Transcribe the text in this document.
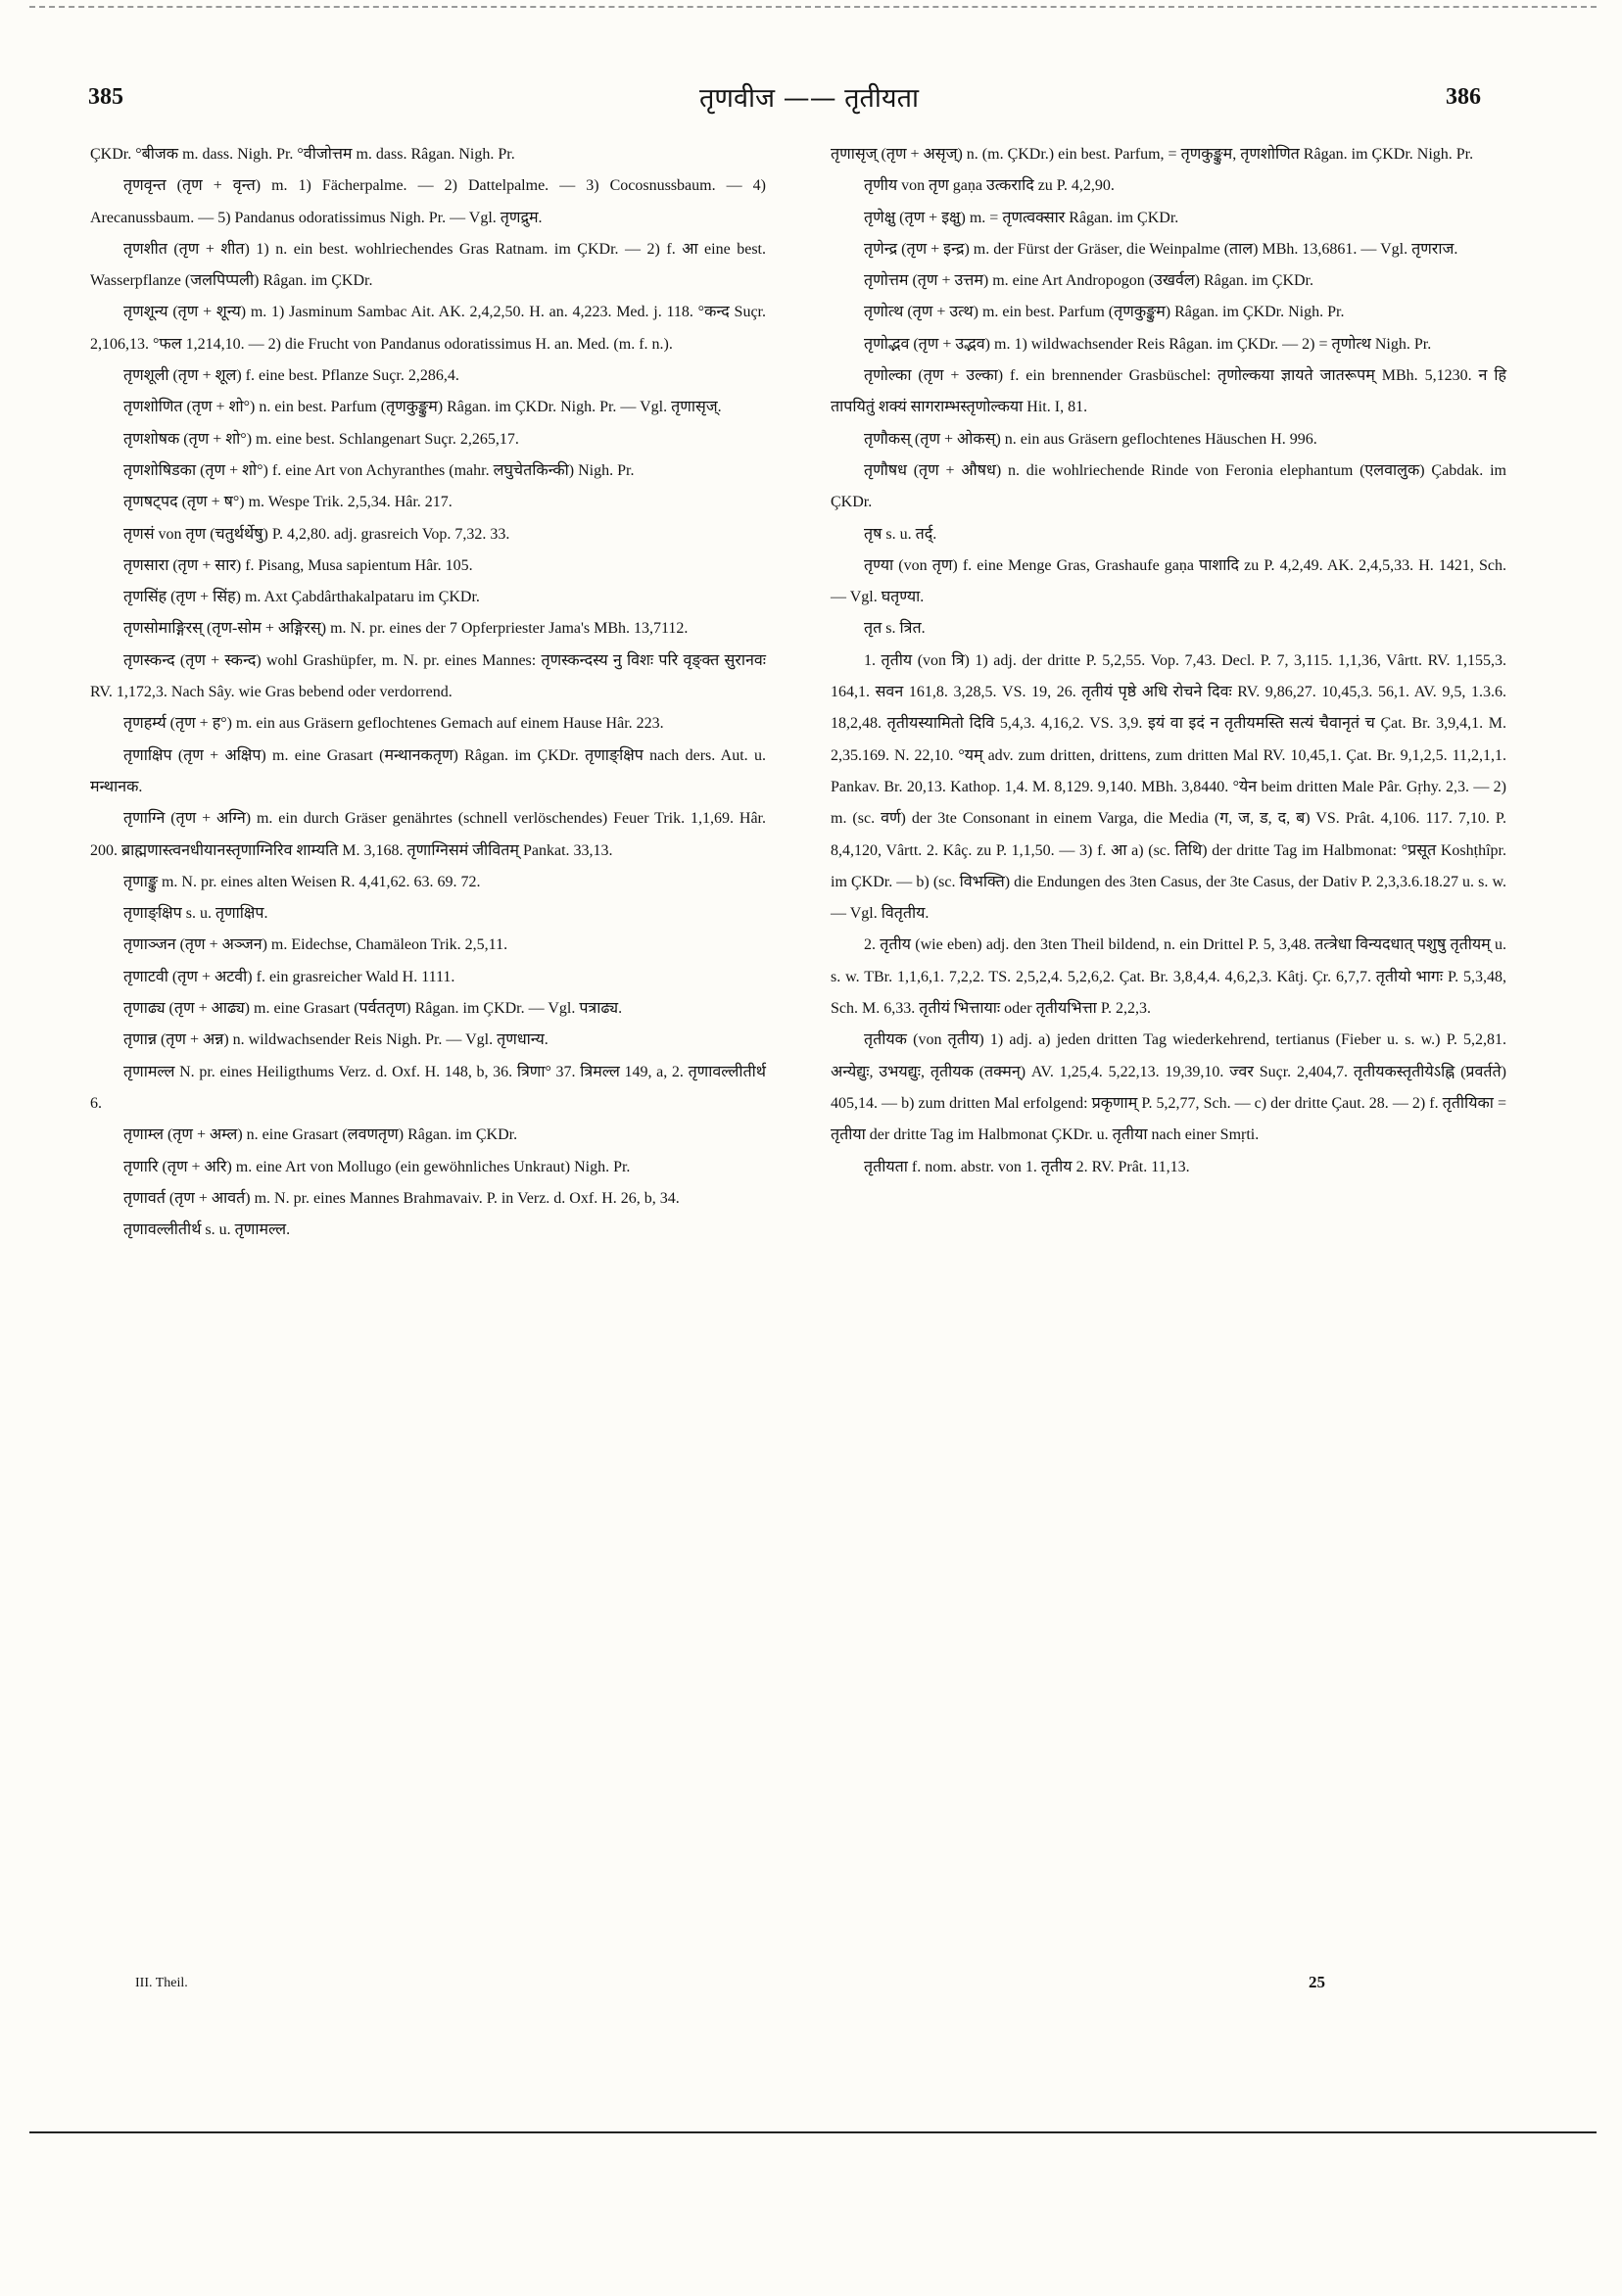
385	तृणवीज —— तृतीयता	386

ÇKDr. °बीजक m. dass. Nigh. Pr. °वीजोत्तम m. dass. Râgan. Nigh. Pr.

तृणवृन्त (तृण + वृन्त) m. 1) Fächerpalme. — 2) Dattelpalme. — 3) Cocosnussbaum. — 4) Arecanussbaum. — 5) Pandanus odoratissimus Nigh. Pr. — Vgl. तृणद्रुम.

तृणशीत (तृण + शीत) 1) n. ein best. wohlriechendes Gras Ratnam. im ÇKDr. — 2) f. आ eine best. Wasserpflanze (जलपिप्पली) Râgan. im ÇKDr.

तृणशून्य (तृण + शून्य) m. 1) Jasminum Sambac Ait. AK. 2,4,2,50. H. an. 4,223. Med. j. 118. °कन्द Suçr. 2,106,13. °फल 1,214,10. — 2) die Frucht von Pandanus odoratissimus H. an. Med. (m. f. n.).

तृणशूली (तृण + शूल) f. eine best. Pflanze Suçr. 2,286,4.

तृणशोणित (तृण + शो°) n. ein best. Parfum (तृणकुङ्कुम) Râgan. im ÇKDr. Nigh. Pr. — Vgl. तृणासृज्.

तृणशोषक (तृण + शो°) m. eine best. Schlangenart Suçr. 2,265,17.

तृणशोषिडका (तृण + शो°) f. eine Art von Achyranthes (mahr. लघुचेतकिन्की) Nigh. Pr.

तृणषट्पद (तृण + ष°) m. Wespe Trik. 2,5,34. Hâr. 217.

तृणसं von तृण (चतुर्थर्थेषु) P. 4,2,80. adj. grasreich Vop. 7,32. 33.

तृणसारा (तृण + सार) f. Pisang, Musa sapientum Hâr. 105.

तृणसिंह (तृण + सिंह) m. Axt Çabdârthakalpataru im ÇKDr.

तृणसोमाङ्गिरस् (तृण-सोम + अङ्गिरस्) m. N. pr. eines der 7 Opferpriester Jama's MBh. 13,7112.

तृणस्कन्द (तृण + स्कन्द) wohl Grashüpfer, m. N. pr. eines Mannes: तृणस्कन्दस्य नु विशः परि वृङ्क्त सुरानवः RV. 1,172,3. Nach Sây. wie Gras bebend oder verdorrend.

तृणहर्म्य (तृण + ह°) m. ein aus Gräsern geflochtenes Gemach auf einem Hause Hâr. 223.

तृणाक्षिप (तृण + अक्षिप) m. eine Grasart (मन्थानकतृण) Râgan. im ÇKDr. तृणाङ्क्षिप nach ders. Aut. u. मन्थानक.

तृणाग्नि (तृण + अग्नि) m. ein durch Gräser genährtes (schnell verlöschendes) Feuer Trik. 1,1,69. Hâr. 200. ब्राह्मणास्त्वनधीयानस्तृणाग्निरिव शाम्यति M. 3,168. तृणाग्निसमं जीवितम् Pankat. 33,13.

तृणाङ्कु m. N. pr. eines alten Weisen R. 4,41,62. 63. 69. 72.

तृणाङ्क्षिप s. u. तृणाक्षिप.

तृणाञ्जन (तृण + अञ्जन) m. Eidechse, Chamäleon Trik. 2,5,11.

तृणाटवी (तृण + अटवी) f. ein grasreicher Wald H. 1111.

तृणाढ्य (तृण + आढ्य) m. eine Grasart (पर्वततृण) Râgan. im ÇKDr. — Vgl. पत्राढ्य.

तृणान्न (तृण + अन्न) n. wildwachsender Reis Nigh. Pr. — Vgl. तृणधान्य.

तृणामल्ल N. pr. eines Heiligthums Verz. d. Oxf. H. 148, b, 36. त्रिणा° 37. त्रिमल्ल 149, a, 2. तृणावल्लीतीर्थ 6.

तृणाम्ल (तृण + अम्ल) n. eine Grasart (लवणतृण) Râgan. im ÇKDr.

तृणारि (तृण + अरि) m. eine Art von Mollugo (ein gewöhnliches Unkraut) Nigh. Pr.

तृणावर्त (तृण + आवर्त) m. N. pr. eines Mannes Brahmavaiv. P. in Verz. d. Oxf. H. 26, b, 34.

तृणावल्लीतीर्थ s. u. तृणामल्ल.

तृणासृज् (तृण + असृज्) n. (m. ÇKDr.) ein best. Parfum, = तृणकुङ्कुम, तृणशोणित Râgan. im ÇKDr. Nigh. Pr.

तृणीय von तृण gaṇa उत्करादि zu P. 4,2,90.

तृणेक्षु (तृण + इक्षु) m. = तृणत्वक्सार Râgan. im ÇKDr.

तृणेन्द्र (तृण + इन्द्र) m. der Fürst der Gräser, die Weinpalme (ताल) MBh. 13,6861. — Vgl. तृणराज.

तृणोत्तम (तृण + उत्तम) m. eine Art Andropogon (उखर्वल) Râgan. im ÇKDr.

तृणोत्थ (तृण + उत्थ) m. ein best. Parfum (तृणकुङ्कुम) Râgan. im ÇKDr. Nigh. Pr.

तृणोद्भव (तृण + उद्भव) m. 1) wildwachsender Reis Râgan. im ÇKDr. — 2) = तृणोत्थ Nigh. Pr.

तृणोल्का (तृण + उल्का) f. ein brennender Grasbüschel: तृणोल्कया ज्ञायते जातरूपम् MBh. 5,1230. न हि तापयितुं शक्यं सागराम्भस्तृणोल्कया Hit. I, 81.

तृणौकस् (तृण + ओकस्) n. ein aus Gräsern geflochtenes Häuschen H. 996.

तृणौषध (तृण + औषध) n. die wohlriechende Rinde von Feronia elephantum (एलवालुक) Çabdak. im ÇKDr.

तृष s. u. तर्द्.

तृण्या (von तृण) f. eine Menge Gras, Grashaufe gaṇa पाशादि zu P. 4,2,49. AK. 2,4,5,33. H. 1421, Sch. — Vgl. घतृण्या.

तृत s. त्रित.

1. तृतीय (von त्रि) 1) adj. der dritte P. 5,2,55. Vop. 7,43. Decl. P. 7, 3,115. 1,1,36, Vârtt. RV. 1,155,3. 164,1. सवन 161,8. 3,28,5. VS. 19, 26. तृतीयं पृष्ठे अधि रोचने दिवः RV. 9,86,27. 10,45,3. 56,1. AV. 9,5, 1.3.6. 18,2,48. तृतीयस्यामितो दिवि 5,4,3. 4,16,2. VS. 3,9. इयं वा इदं न तृतीयमस्ति सत्यं चैवानृतं च Çat. Br. 3,9,4,1. M. 2,35.169. N. 22,10. °यम् adv. zum dritten, drittens, zum dritten Mal RV. 10,45,1. Çat. Br. 9,1,2,5. 11,2,1,1. Pankav. Br. 20,13. Kathop. 1,4. M. 8,129. 9,140. MBh. 3,8440. °येन beim dritten Male Pâr. Gṛhy. 2,3. — 2) m. (sc. वर्ण) der 3te Consonant in einem Varga, die Media (ग, ज, ड, द, ब) VS. Prât. 4,106. 117. 7,10. P. 8,4,120, Vârtt. 2. Kâç. zu P. 1,1,50. — 3) f. आ a) (sc. तिथि) der dritte Tag im Halbmonat: °प्रसूत Koshṭhîpr. im ÇKDr. — b) (sc. विभक्ति) die Endungen des 3ten Casus, der 3te Casus, der Dativ P. 2,3,3.6.18.27 u. s. w. — Vgl. वितृतीय.

2. तृतीय (wie eben) adj. den 3ten Theil bildend, n. ein Drittel P. 5, 3,48. तत्त्रेधा विन्यदधात् पशुषु तृतीयम् u. s. w. TBr. 1,1,6,1. 7,2,2. TS. 2,5,2,4. 5,2,6,2. Çat. Br. 3,8,4,4. 4,6,2,3. Kâtj. Çr. 6,7,7. तृतीयो भागः P. 5,3,48, Sch. M. 6,33. तृतीयं भित्तायाः oder तृतीयभित्ता P. 2,2,3.

तृतीयक (von तृतीय) 1) adj. a) jeden dritten Tag wiederkehrend, tertianus (Fieber u. s. w.) P. 5,2,81. अन्येद्युः, उभयद्युः, तृतीयक (तक्मन्) AV. 1,25,4. 5,22,13. 19,39,10. ज्वर Suçr. 2,404,7. तृतीयकस्तृतीयेऽह्नि (प्रवर्तते) 405,14. — b) zum dritten Mal erfolgend: प्रकृणाम् P. 5,2,77, Sch. — c) der dritte Çaut. 28. — 2) f. तृतीयिका = तृतीया der dritte Tag im Halbmonat ÇKDr. u. तृतीया nach einer Smṛti.

तृतीयता f. nom. abstr. von 1. तृतीय 2. RV. Prât. 11,13.

III. Theil.	25
